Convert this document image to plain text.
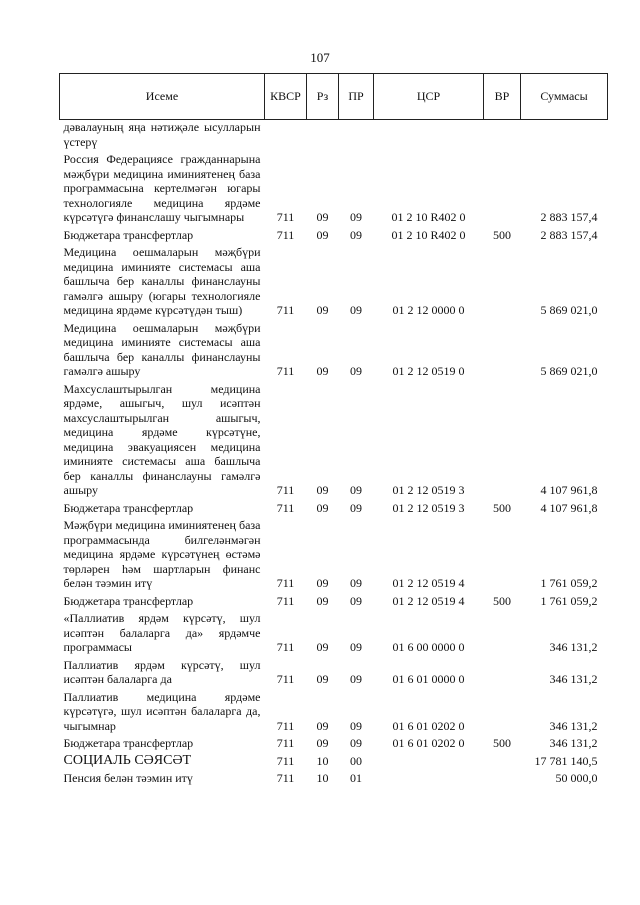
107
Исеме	КВСР	Рз	ПР	ЦСР	ВР	Суммасы
дәвалауның яңа нәтиҗәле ысулларын үстерү						
Россия Федерациясе гражданнарына мәҗбүри медицина иминиятенең база программасына кертелмәгән югары технологияле медицина ярдәме күрсәтүгә финанслашу чыгымнары	711	09	09	01 2 10 R402 0		2 883 157,4
Бюджетара трансфертлар	711	09	09	01 2 10 R402 0	500	2 883 157,4
Медицина оешмаларын мәҗбүри медицина иминияте системасы аша башлыча бер каналлы финанслауны гамәлгә ашыру (югары технологияле медицина ярдәме күрсәтүдән тыш)	711	09	09	01 2 12 0000 0		5 869 021,0
Медицина оешмаларын мәҗбүри медицина иминияте системасы аша башлыча бер каналлы финанслауны гамәлгә ашыру	711	09	09	01 2 12 0519 0		5 869 021,0
Махсуслаштырылган медицина ярдәме, ашыгыч, шул исәптән махсуслаштырылган ашыгыч, медицина ярдәме күрсәтүне, медицина эвакуациясен медицина иминияте системасы аша башлыча бер каналлы финанслауны гамәлгә ашыру	711	09	09	01 2 12 0519 3		4 107 961,8
Бюджетара трансфертлар	711	09	09	01 2 12 0519 3	500	4 107 961,8
Мәҗбүри медицина иминиятенең база программасында билгеләнмәгән медицина ярдәме күрсәтүнең өстәмә төрләрен һәм шартларын финанс белән тәэмин итү	711	09	09	01 2 12 0519 4		1 761 059,2
Бюджетара трансфертлар	711	09	09	01 2 12 0519 4	500	1 761 059,2
«Паллиатив ярдәм күрсәтү, шул исәптән балаларга да» ярдәмче программасы	711	09	09	01 6 00 0000 0		346 131,2
Паллиатив ярдәм күрсәтү, шул исәптән балаларга да	711	09	09	01 6 01 0000 0		346 131,2
Паллиатив медицина ярдәме күрсәтүгә, шул исәптән балаларга да, чыгымнар	711	09	09	01 6 01 0202 0		346 131,2
Бюджетара трансфертлар	711	09	09	01 6 01 0202 0	500	346 131,2
СОЦИАЛЬ СӘЯСӘТ	711	10	00			17 781 140,5
Пенсия белән тәэмин итү	711	10	01			50 000,0
